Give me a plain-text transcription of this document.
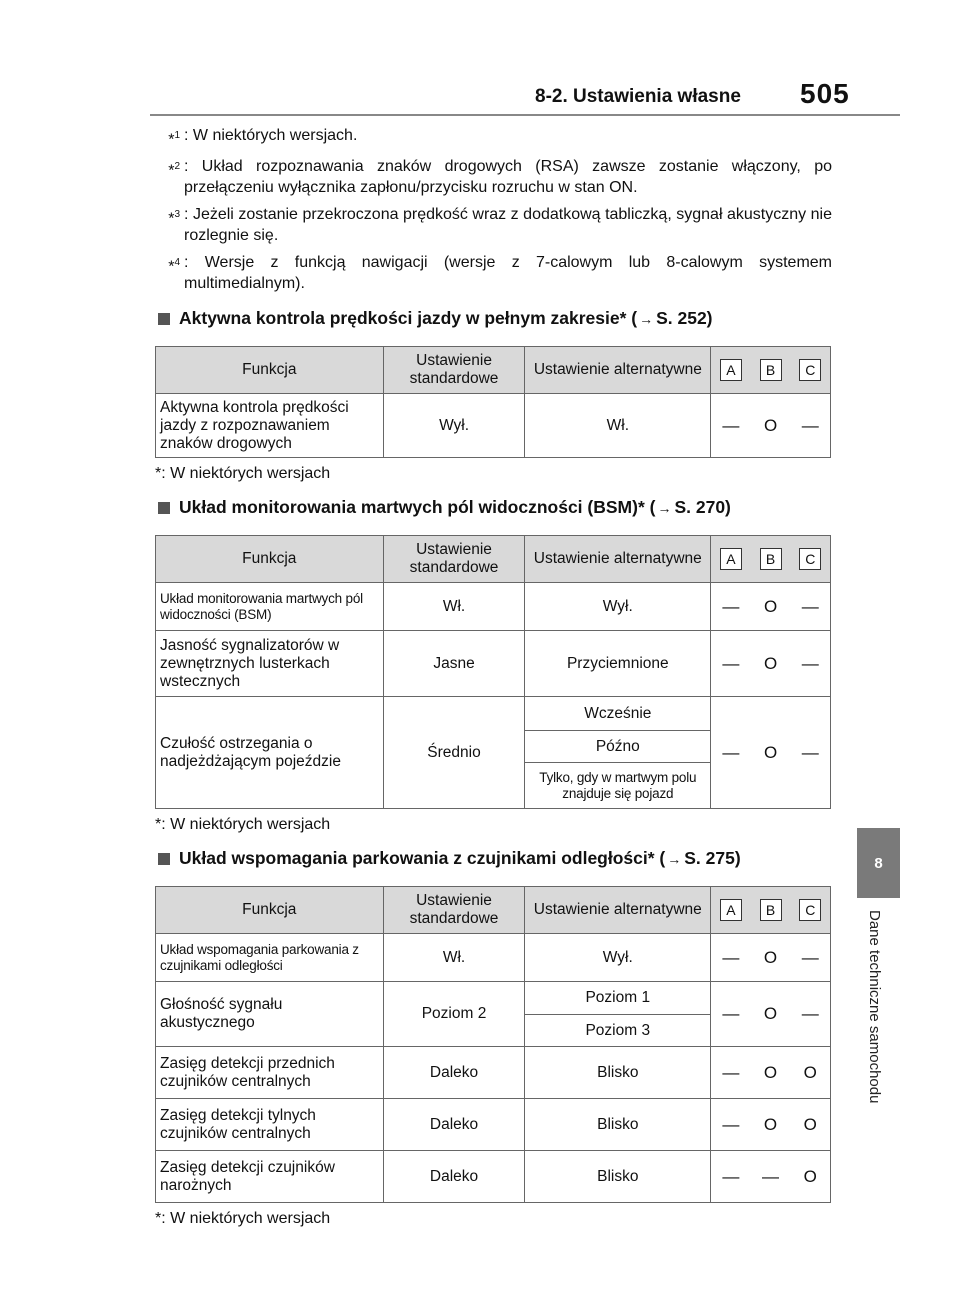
8-2. Ustawienia własne 505
8
Dane techniczne samochodu
*$^1$ : W niektórych wersjach.
*$^2$ : Układ rozpoznawania znaków drogowych (RSA) zawsze zostanie włączony, po przełączeniu wyłącznika zapłonu/przycisku rozruchu w stan ON.
*$^3$ : Jeżeli zostanie przekroczona prędkość wraz z dodatkową tabliczką, sygnał akustyczny nie rozlegnie się.
*$^4$ : Wersje z funkcją nawigacji (wersje z 7-calowym lub 8-calowym systemem multimedialnym).
Aktywna kontrola prędkości jazdy w pełnym zakresie* ( → S. 252)
Funkcja	Ustawienie standardowe	Ustawienie alternatywne	A	B	C
Aktywna kontrola prędkości jazdy z rozpoznawaniem znaków drogowych	Wył.	Wł.	—	O	—
*: W niektórych wersjach
Układ monitorowania martwych pól widoczności (BSM)* ( → S. 270)
Funkcja	Ustawienie standardowe	Ustawienie alternatywne	A	B	C
Układ monitorowania martwych pól widoczności (BSM)	Wł.	Wył.	—	O	—
Jasność sygnalizatorów w zewnętrznych lusterkach wstecznych	Jasne	Przyciemnione	—	O	—
Czułość ostrzegania o nadjeżdżającym pojeździe	Średnio	Wcześnie	—	O	—
		Późno			
		Tylko, gdy w martwym polu znajduje się pojazd			
*: W niektórych wersjach
Układ wspomagania parkowania z czujnikami odległości* ( → S. 275)
Funkcja	Ustawienie standardowe	Ustawienie alternatywne	A	B	C
Układ wspomagania parkowania z czujnikami odległości	Wł.	Wył.	—	O	—
Głośność sygnału akustycznego	Poziom 2	Poziom 1	—	O	—
		Poziom 3			
Zasięg detekcji przednich czujników centralnych	Daleko	Blisko	—	O	O
Zasięg detekcji tylnych czujników centralnych	Daleko	Blisko	—	O	O
Zasięg detekcji czujników narożnych	Daleko	Blisko	—	—	O
*: W niektórych wersjach
